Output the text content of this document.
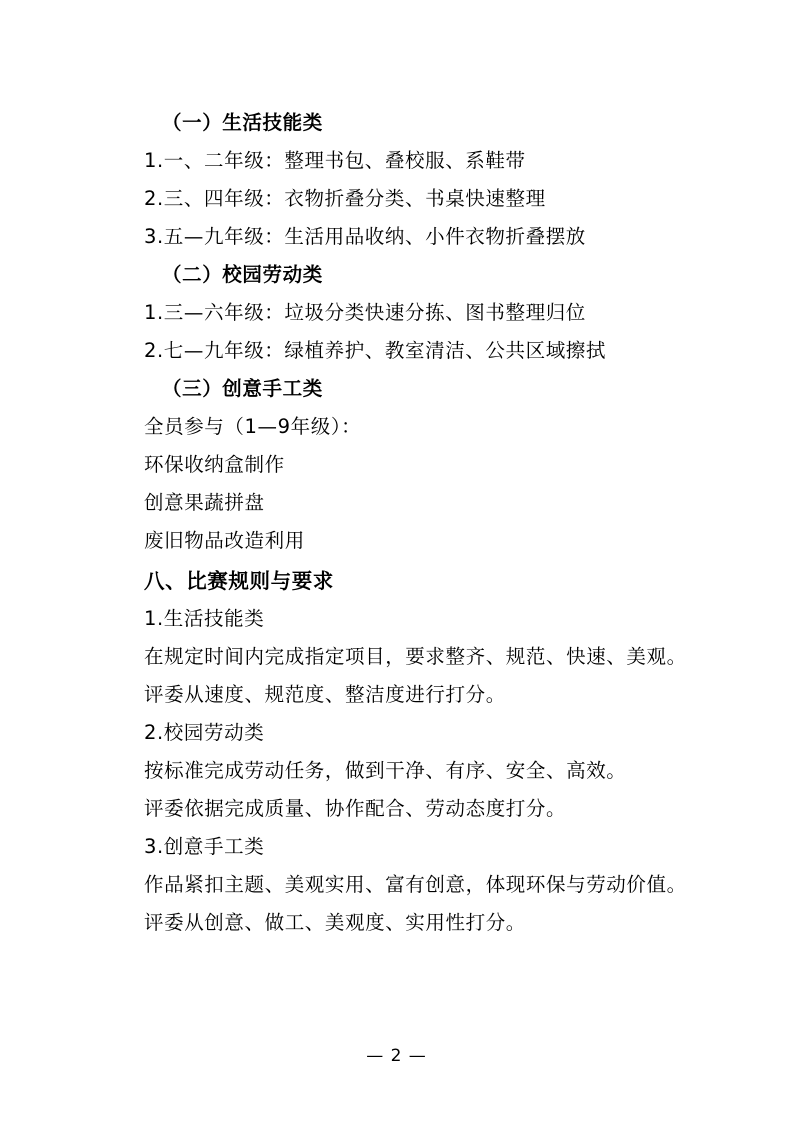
（一）生活技能类

1.一、二年级：整理书包、叠校服、系鞋带

2.三、四年级：衣物折叠分类、书桌快速整理

3.五—九年级：生活用品收纳、小件衣物折叠摆放

（二）校园劳动类

1.三—六年级：垃圾分类快速分拣、图书整理归位

2.七—九年级：绿植养护、教室清洁、公共区域擦拭

（三）创意手工类

全员参与（1—9年级）：

环保收纳盒制作

创意果蔬拼盘

废旧物品改造利用

八、比赛规则与要求

1.生活技能类

在规定时间内完成指定项目，要求整齐、规范、快速、美观。

评委从速度、规范度、整洁度进行打分。

2.校园劳动类

按标准完成劳动任务，做到干净、有序、安全、高效。

评委依据完成质量、协作配合、劳动态度打分。

3.创意手工类

作品紧扣主题、美观实用、富有创意，体现环保与劳动价值。

评委从创意、做工、美观度、实用性打分。

— 2 —
